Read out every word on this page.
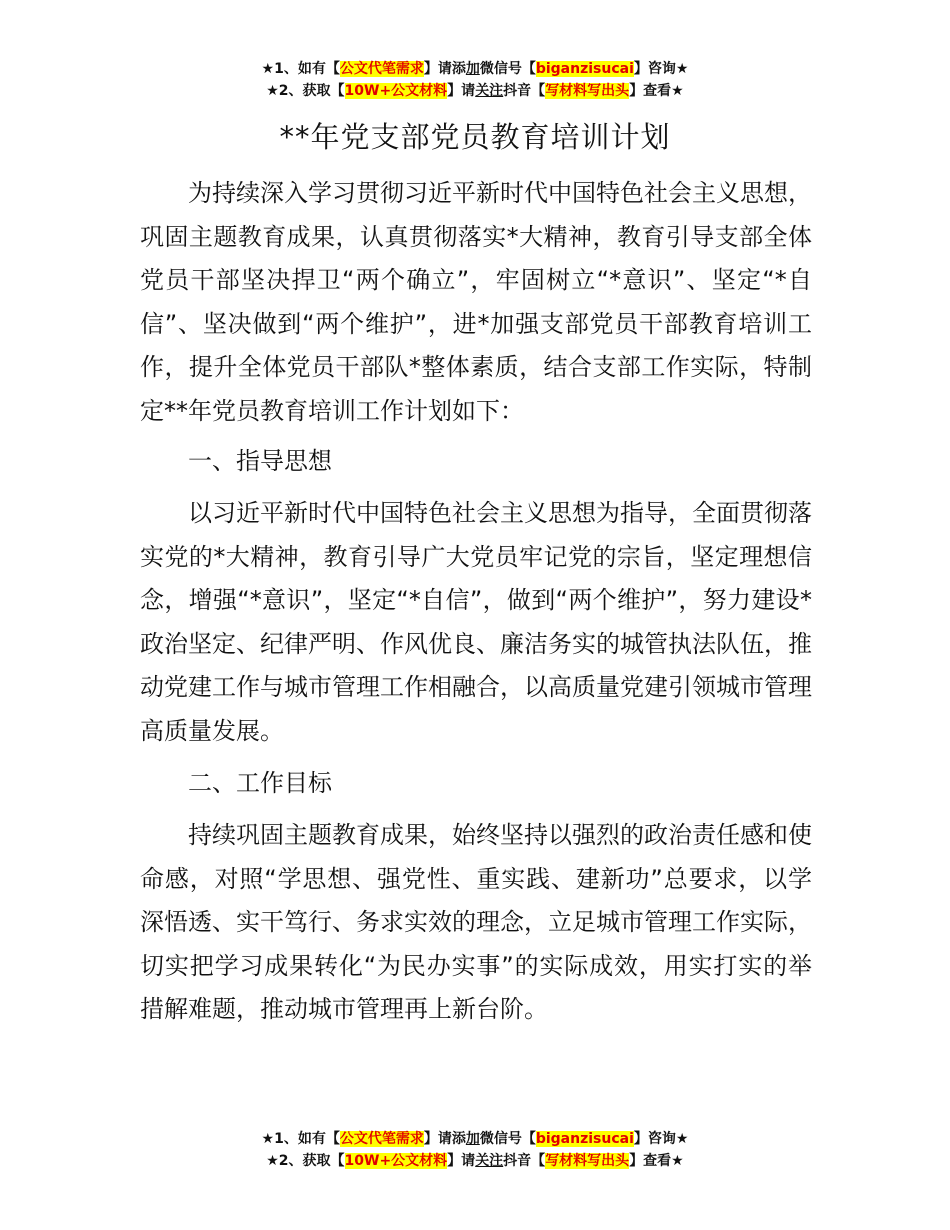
★1、如有【公文代笔需求】请添加微信号【biganzisucai】咨询★
★2、获取【10W+公文材料】请关注抖音【写材料写出头】查看★
**年党支部党员教育培训计划

为持续深入学习贯彻习近平新时代中国特色社会主义思想，巩固主题教育成果，认真贯彻落实*大精神，教育引导支部全体党员干部坚决捍卫“两个确立”，牢固树立“*意识”、坚定“*自信”、坚决做到“两个维护”，进*加强支部党员干部教育培训工作，提升全体党员干部队*整体素质，结合支部工作实际，特制定**年党员教育培训工作计划如下：

一、指导思想

以习近平新时代中国特色社会主义思想为指导，全面贯彻落实党的*大精神，教育引导广大党员牢记党的宗旨，坚定理想信念，增强“*意识”，坚定“*自信”，做到“两个维护”，努力建设*政治坚定、纪律严明、作风优良、廉洁务实的城管执法队伍，推动党建工作与城市管理工作相融合，以高质量党建引领城市管理高质量发展。

二、工作目标

持续巩固主题教育成果，始终坚持以强烈的政治责任感和使命感，对照“学思想、强党性、重实践、建新功”总要求，以学深悟透、实干笃行、务求实效的理念，立足城市管理工作实际，切实把学习成果转化“为民办实事”的实际成效，用实打实的举措解难题，推动城市管理再上新台阶。

★1、如有【公文代笔需求】请添加微信号【biganzisucai】咨询★
★2、获取【10W+公文材料】请关注抖音【写材料写出头】查看★
